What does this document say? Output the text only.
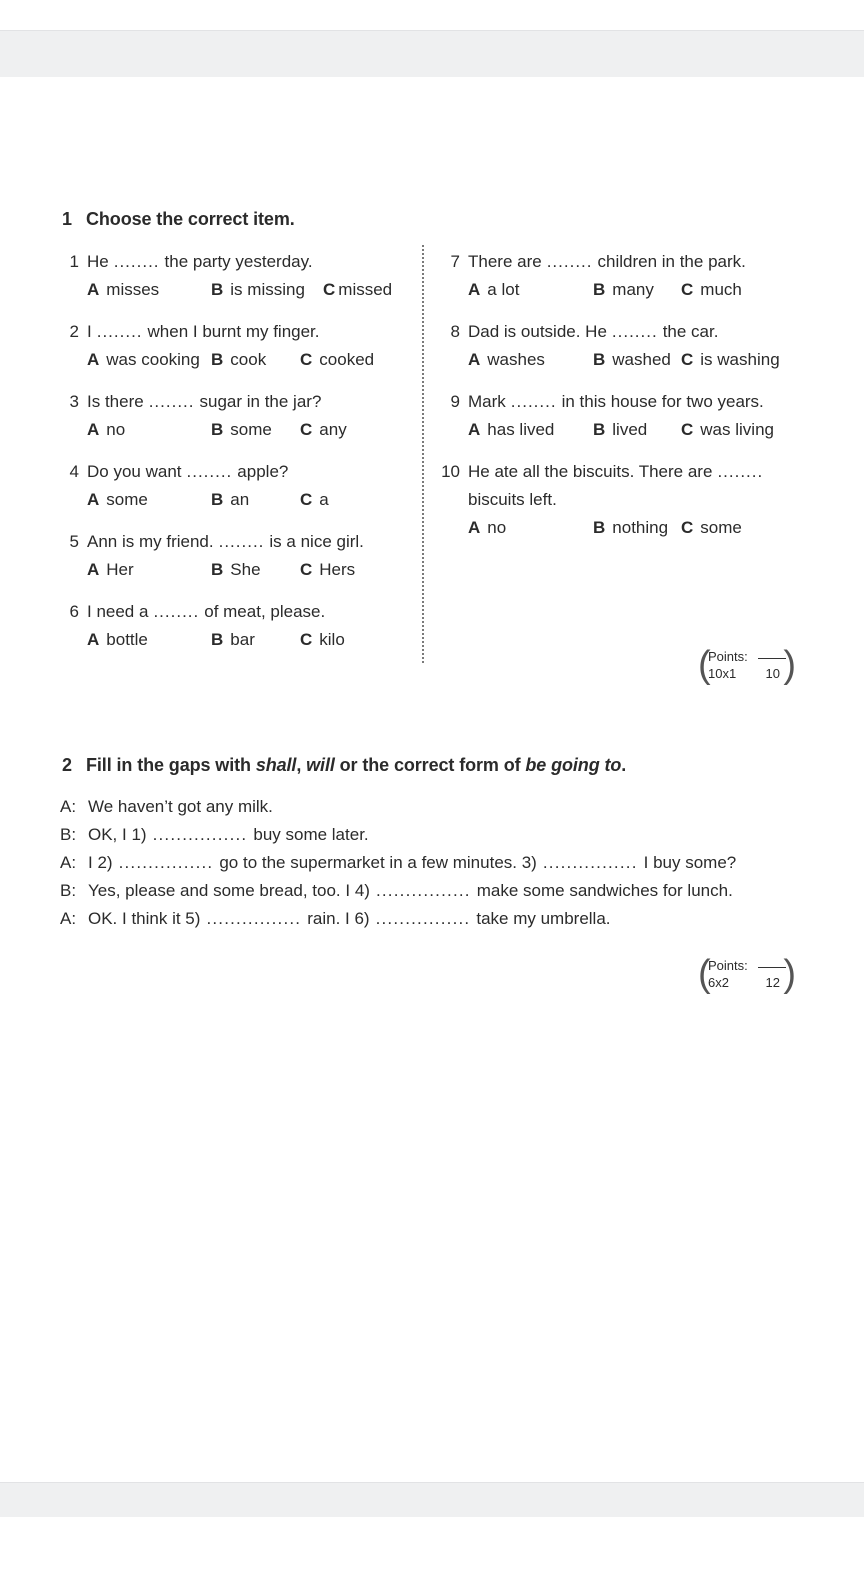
1 Choose the correct item.
1 He ........ the party yesterday.
A misses	B is missing C missed
2 I ........ when I burnt my finger.
A was cooking B cook C cooked
3 Is there ........ sugar in the jar?
A no	B some C any
4 Do you want ........ apple?
A some	B an	C a
5 Ann is my friend. ........ is a nice girl.
A Her	B She C Hers
6 I need a ........ of meat, please.
A bottle	B bar	C kilo
7 There are ........ children in the park.
A a lot	B many C much
8 Dad is outside. He ........ the car.
A washes	B washed C is washing
9 Mark ........ in this house for two years.
A has lived B lived C was living
10 He ate all the biscuits. There are ........
biscuits left.
A no	B nothing C some
(
Points:
10x1 10 )
2 Fill in the gaps with shall, will or the correct form of be going to.
A: We haven’t got any milk.
B: OK, I 1) ................ buy some later.
A: I 2) ................ go to the supermarket in a few minutes. 3) ................ I buy some?
B: Yes, please and some bread, too. I 4) ................ make some sandwiches for lunch.
A: OK. I think it 5) ................ rain. I 6) ................ take my umbrella.
(
Points:
6x2	12 )
